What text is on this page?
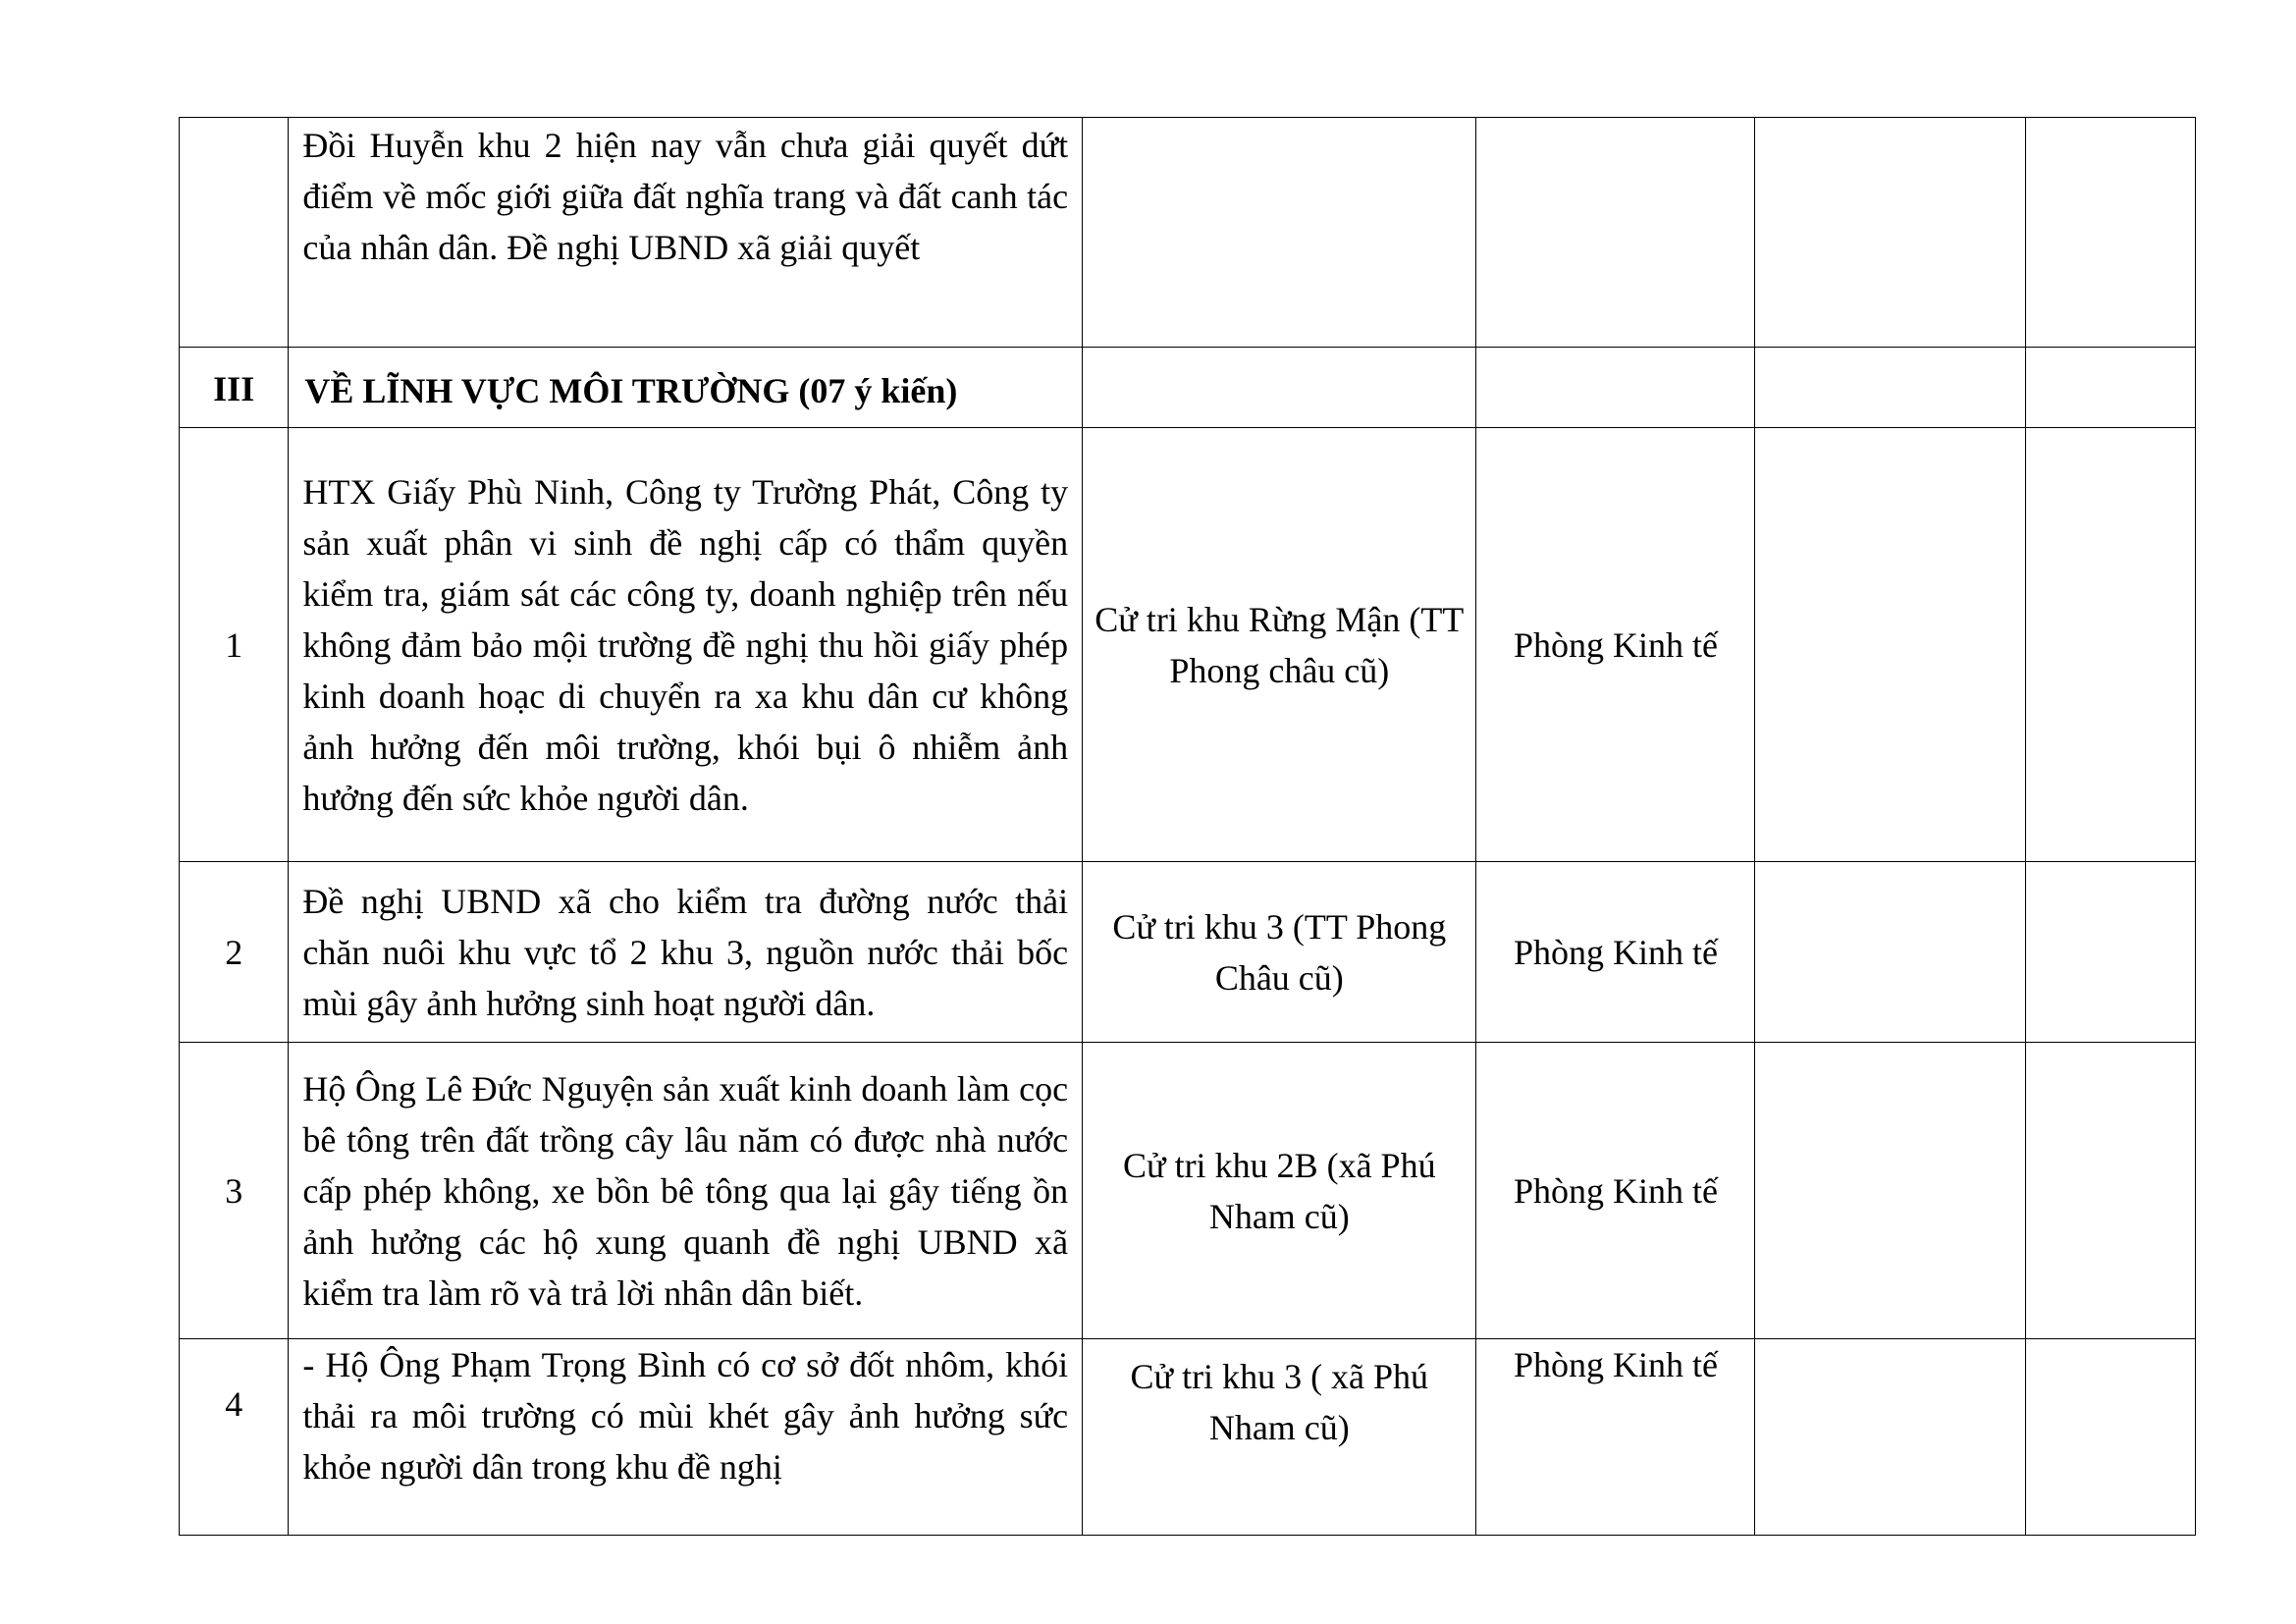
	Đồi Huyễn khu 2 hiện nay vẫn chưa giải quyết dứt điểm về mốc giới giữa đất nghĩa trang và đất canh tác của nhân dân. Đề nghị UBND xã giải quyết				

III	VỀ LĨNH VỰC MÔI TRƯỜNG (07 ý kiến)				

1	HTX Giấy Phù Ninh, Công ty Trường Phát, Công ty sản xuất phân vi sinh đề nghị cấp có thẩm quyền kiểm tra, giám sát các công ty, doanh nghiệp trên nếu không đảm bảo mội trường đề nghị thu hồi giấy phép kinh doanh hoạc di chuyển ra xa khu dân cư không ảnh hưởng đến môi trường, khói bụi ô nhiễm ảnh hưởng đến sức khỏe người dân.	Cử tri khu Rừng Mận (TT Phong châu cũ)	Phòng Kinh tế		

2	Đề nghị UBND xã cho kiểm tra đường nước thải chăn nuôi khu vực tổ 2 khu 3, nguồn nước thải bốc mùi gây ảnh hưởng sinh hoạt người dân.	Cử tri khu 3 (TT Phong Châu cũ)	Phòng Kinh tế		

3	Hộ Ông Lê Đức Nguyện sản xuất kinh doanh làm cọc bê tông trên đất trồng cây lâu năm có được nhà nước cấp phép không, xe bồn bê tông qua lại gây tiếng ồn ảnh hưởng các hộ xung quanh đề nghị UBND xã kiểm tra làm rõ và trả lời nhân dân biết.	Cử tri khu 2B (xã Phú Nham cũ)	Phòng Kinh tế		

4	- Hộ Ông Phạm Trọng Bình có cơ sở đốt nhôm, khói thải ra môi trường có mùi khét gây ảnh hưởng sức khỏe người dân trong khu đề nghị	Cử tri khu 3 ( xã Phú Nham cũ)	Phòng Kinh tế		
